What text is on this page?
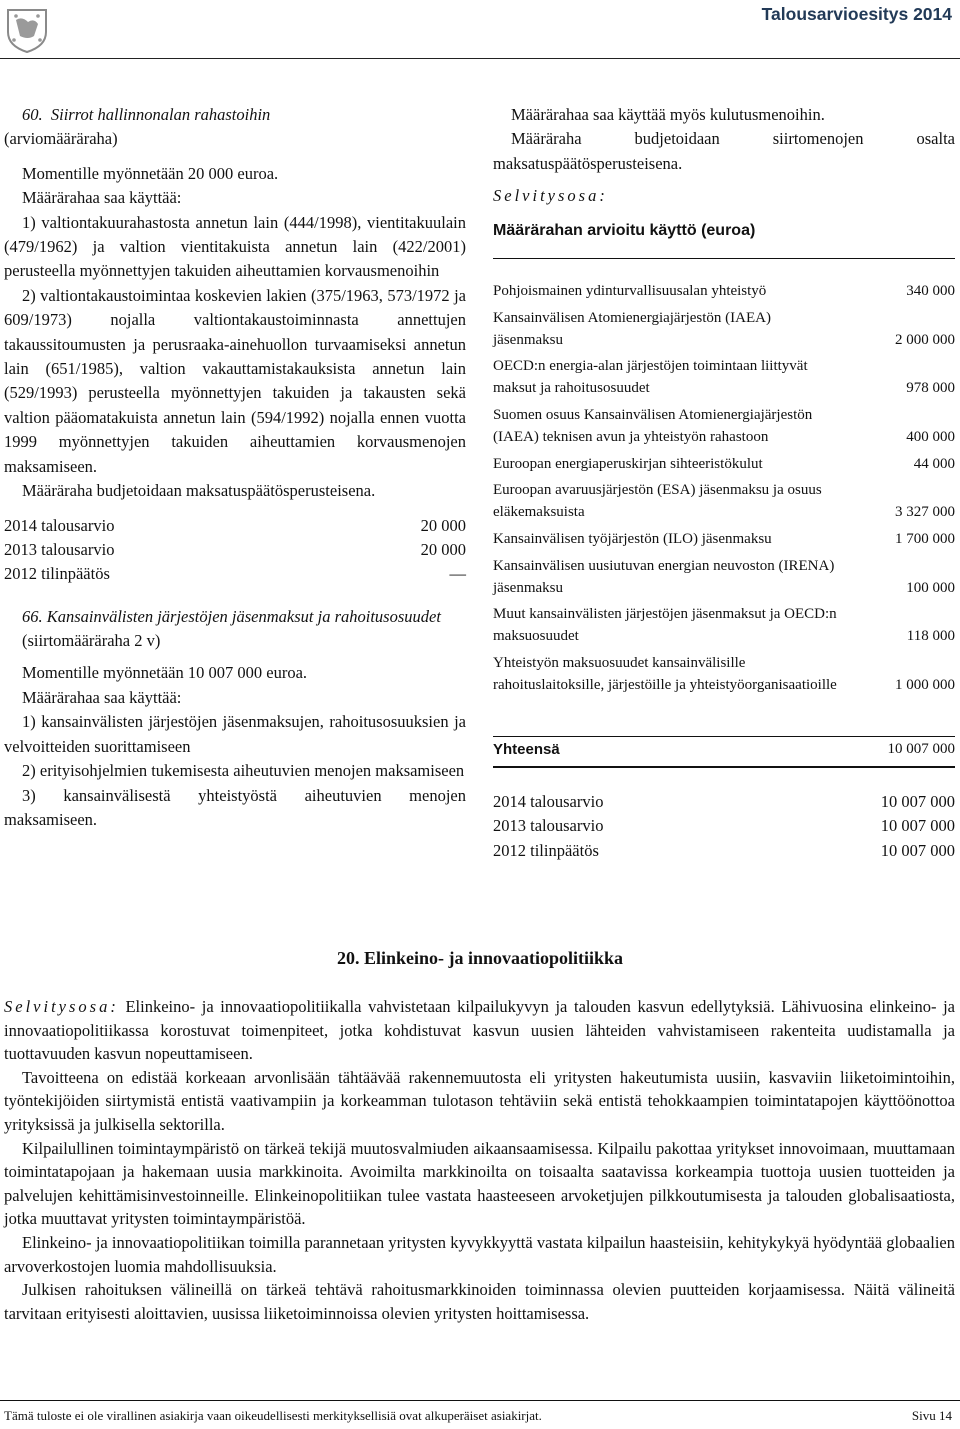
Talousarvioesitys 2014

60. Siirrot hallinnonalan rahastoihin

(arviomääräraha)

Momentille myönnetään 20 000 euroa.

Määrärahaa saa käyttää:

1) valtiontakuurahastosta annetun lain (444/1998), vientitakuulain (479/1962) ja valtion vientitakuista annetun lain (422/2001) perusteella myönnettyjen takuiden aiheuttamien korvausmenoihin

2) valtiontakaustoimintaa koskevien lakien (375/1963, 573/1972 ja 609/1973) nojalla valtiontakaustoiminnasta annettujen takaussitoumusten ja perusraaka-ainehuollon turvaamiseksi annetun lain (651/1985), valtion vakauttamistakauksista annetun lain (529/1993) perusteella myönnettyjen takuiden ja takausten sekä valtion pääomatakuista annetun lain (594/1992) nojalla ennen vuotta 1999 myönnettyjen takuiden aiheuttamien korvausmenojen maksamiseen.

Määräraha budjetoidaan maksatuspäätösperusteisena.

2014 talousarvio	20 000
2013 talousarvio	20 000
2012 tilinpäätös	—

66. Kansainvälisten järjestöjen jäsenmaksut ja rahoitusosuudet (siirtomääräraha 2 v)

Momentille myönnetään 10 007 000 euroa.

Määrärahaa saa käyttää:

1) kansainvälisten järjestöjen jäsenmaksujen, rahoitusosuuksien ja velvoitteiden suorittamiseen

2) erityisohjelmien tukemisesta aiheutuvien menojen maksamiseen

3) kansainvälisestä yhteistyöstä aiheutuvien menojen maksamiseen.

Määrärahaa saa käyttää myös kulutusmenoihin.

Määräraha budjetoidaan siirtomenojen osalta maksatuspäätösperusteisena.

Selvitysosa:

Määrärahan arvioitu käyttö (euroa)

Pohjoismainen ydinturvallisuusalan yhteistyö	340 000
Kansainvälisen Atomienergiajärjestön (IAEA) jäsenmaksu	2 000 000
OECD:n energia-alan järjestöjen toimintaan liittyvät maksut ja rahoitusosuudet	978 000
Suomen osuus Kansainvälisen Atomienergiajärjestön (IAEA) teknisen avun ja yhteistyön rahastoon	400 000
Euroopan energiaperuskirjan sihteeristökulut	44 000
Euroopan avaruusjärjestön (ESA) jäsenmaksu ja osuus eläkemaksuista	3 327 000
Kansainvälisen työjärjestön (ILO) jäsenmaksu	1 700 000
Kansainvälisen uusiutuvan energian neuvoston (IRENA) jäsenmaksu	100 000
Muut kansainvälisten järjestöjen jäsenmaksut ja OECD:n maksuosuudet	118 000
Yhteistyön maksuosuudet kansainvälisille rahoituslaitoksille, järjestöille ja yhteistyöorganisaatioille	1 000 000
Yhteensä	10 007 000
2014 talousarvio	10 007 000
2013 talousarvio	10 007 000
2012 tilinpäätös	10 007 000
20. Elinkeino- ja innovaatiopolitiikka

Selvitysosa: Elinkeino- ja innovaatiopolitiikalla vahvistetaan kilpailukyvyn ja talouden kasvun edellytyksiä. Lähivuosina elinkeino- ja innovaatiopolitiikassa korostuvat toimenpiteet, jotka kohdistuvat kasvun uusien lähteiden vahvistamiseen rakenteita uudistamalla ja tuottavuuden kasvun nopeuttamiseen.

Tavoitteena on edistää korkeaan arvonlisään tähtäävää rakennemuutosta eli yritysten hakeutumista uusiin, kasvaviin liiketoimintoihin, työntekijöiden siirtymistä entistä vaativampiin ja korkeamman tulotason tehtäviin sekä entistä tehokkaampien toimintatapojen käyttöönottoa yrityksissä ja julkisella sektorilla.

Kilpailullinen toimintaympäristö on tärkeä tekijä muutosvalmiuden aikaansaamisessa. Kilpailu pakottaa yritykset innovoimaan, muuttamaan toimintatapojaan ja hakemaan uusia markkinoita. Avoimilta markkinoilta on toisaalta saatavissa korkeampia tuottoja uusien tuotteiden ja palvelujen kehittämisinvestoinneille. Elinkeinopolitiikan tulee vastata haasteeseen arvoketjujen pilkkoutumisesta ja talouden globalisaatiosta, jotka muuttavat yritysten toimintaympäristöä.

Elinkeino- ja innovaatiopolitiikan toimilla parannetaan yritysten kyvykkyyttä vastata kilpailun haasteisiin, kehitykykyä hyödyntää globaalien arvoverkostojen luomia mahdollisuuksia.

Julkisen rahoituksen välineillä on tärkeä tehtävä rahoitusmarkkinoiden toiminnassa olevien puutteiden korjaamisessa. Näitä välineitä tarvitaan erityisesti aloittavien, uusissa liiketoiminnoissa olevien yritysten hoittamisessa.

Tämä tuloste ei ole virallinen asiakirja vaan oikeudellisesti merkityksellisiä ovat alkuperäiset asiakirjat.	Sivu 14
